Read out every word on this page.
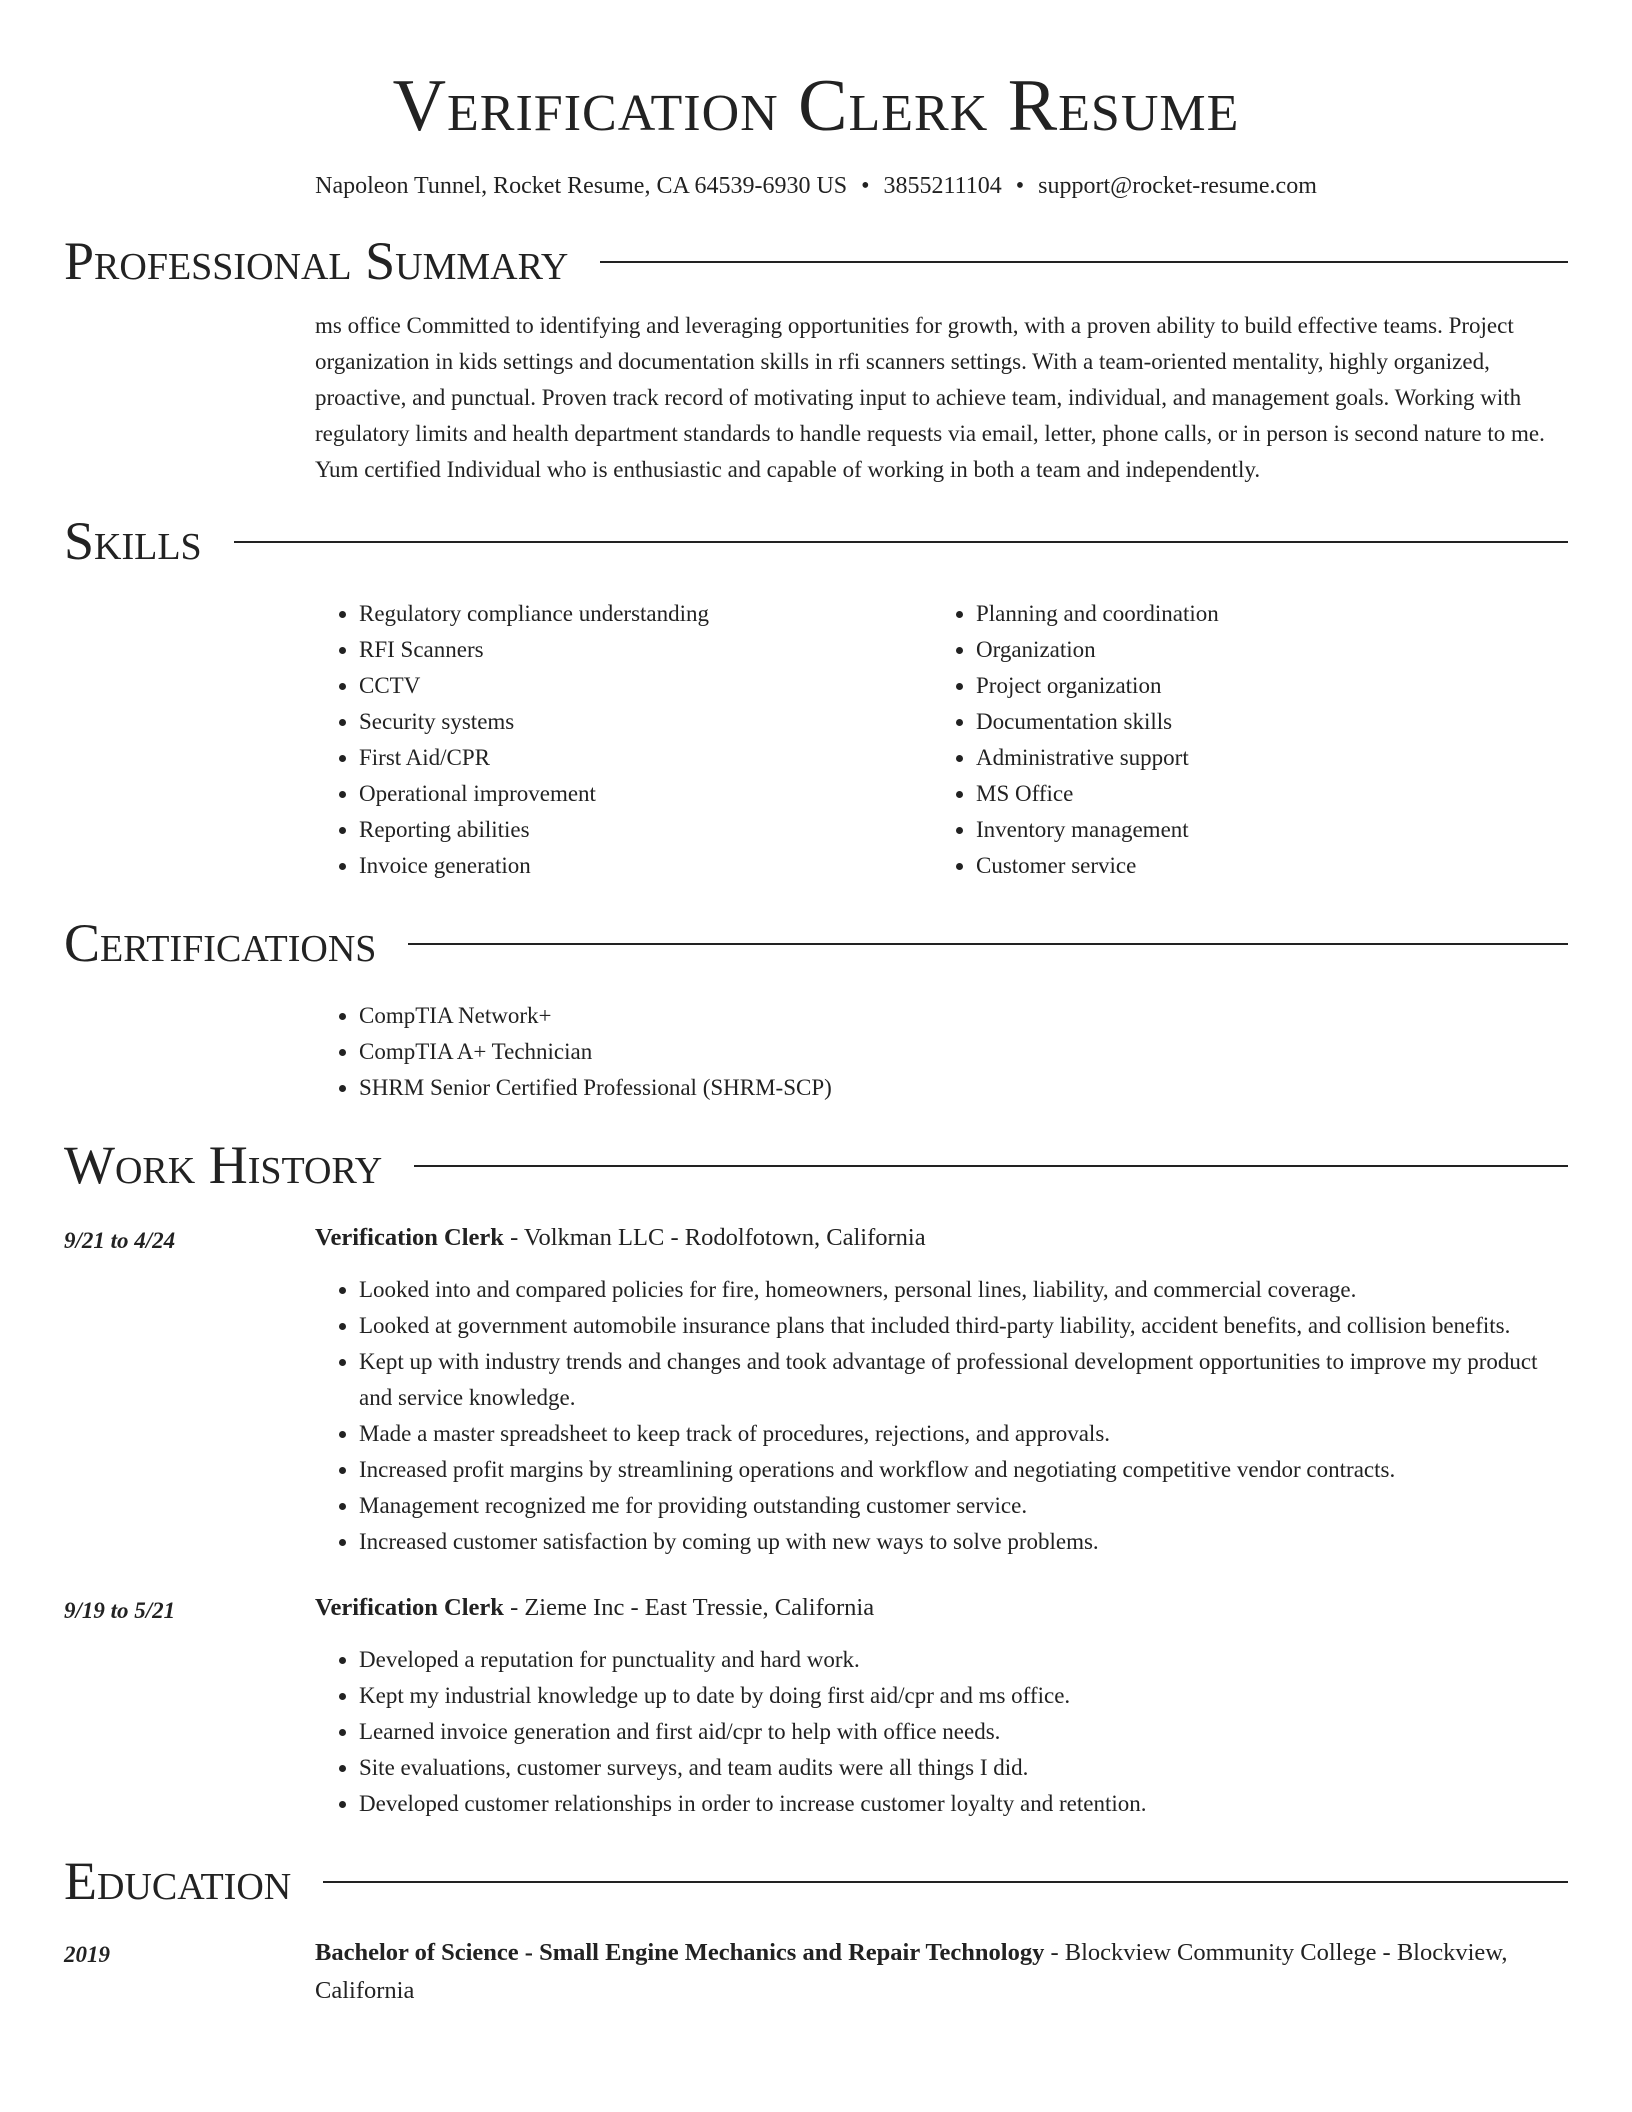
Verification Clerk Resume
Napoleon Tunnel, Rocket Resume, CA 64539-6930 US • 3855211104 • support@rocket-resume.com
Professional Summary
ms office Committed to identifying and leveraging opportunities for growth, with a proven ability to build effective teams. Project organization in kids settings and documentation skills in rfi scanners settings. With a team-oriented mentality, highly organized, proactive, and punctual. Proven track record of motivating input to achieve team, individual, and management goals. Working with regulatory limits and health department standards to handle requests via email, letter, phone calls, or in person is second nature to me. Yum certified Individual who is enthusiastic and capable of working in both a team and independently.
Skills
• Regulatory compliance understanding
• RFI Scanners
• CCTV
• Security systems
• First Aid/CPR
• Operational improvement
• Reporting abilities
• Invoice generation
• Planning and coordination
• Organization
• Project organization
• Documentation skills
• Administrative support
• MS Office
• Inventory management
• Customer service
Certifications
• CompTIA Network+
• CompTIA A+ Technician
• SHRM Senior Certified Professional (SHRM-SCP)
Work History
9/21 to 4/24	Verification Clerk - Volkman LLC - Rodolfotown, California
• Looked into and compared policies for fire, homeowners, personal lines, liability, and commercial coverage.
• Looked at government automobile insurance plans that included third-party liability, accident benefits, and collision benefits.
• Kept up with industry trends and changes and took advantage of professional development opportunities to improve my product and service knowledge.
• Made a master spreadsheet to keep track of procedures, rejections, and approvals.
• Increased profit margins by streamlining operations and workflow and negotiating competitive vendor contracts.
• Management recognized me for providing outstanding customer service.
• Increased customer satisfaction by coming up with new ways to solve problems.
9/19 to 5/21	Verification Clerk - Zieme Inc - East Tressie, California
• Developed a reputation for punctuality and hard work.
• Kept my industrial knowledge up to date by doing first aid/cpr and ms office.
• Learned invoice generation and first aid/cpr to help with office needs.
• Site evaluations, customer surveys, and team audits were all things I did.
• Developed customer relationships in order to increase customer loyalty and retention.
Education
2019	Bachelor of Science - Small Engine Mechanics and Repair Technology - Blockview Community College - Blockview, California
